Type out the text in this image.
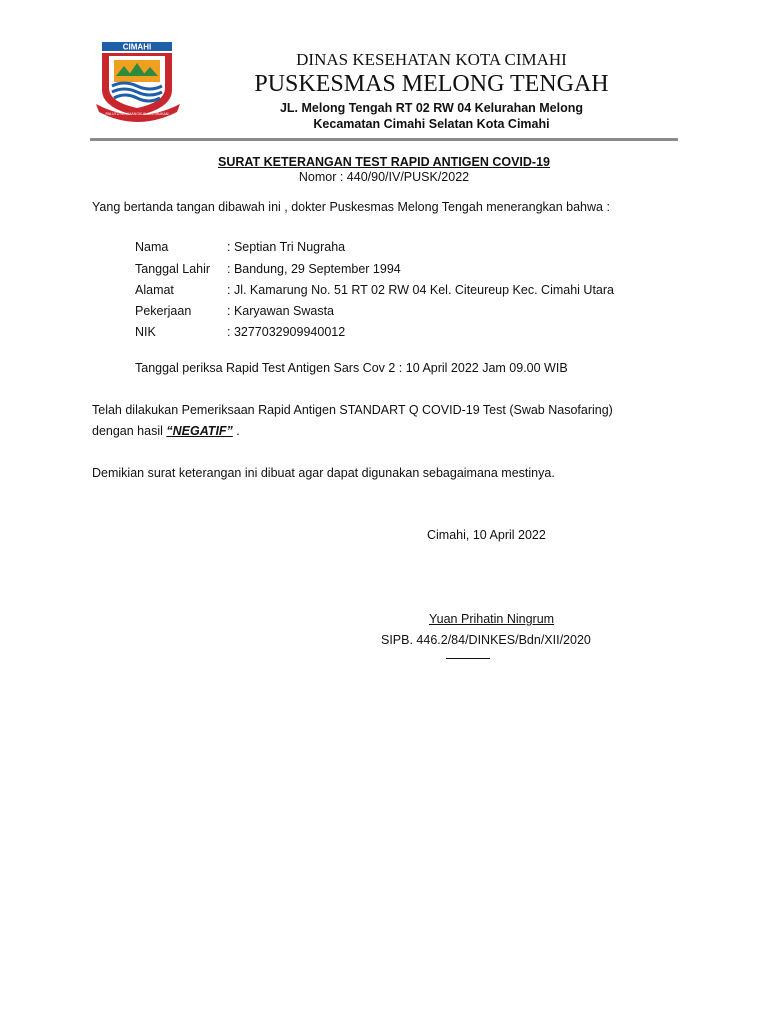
CIMAHI
PALUTU NGAMANGKUK JATI MUKAN
DINAS KESEHATAN KOTA CIMAHI
PUSKESMAS MELONG TENGAH
JL. Melong Tengah RT 02 RW 04 Kelurahan Melong
Kecamatan Cimahi Selatan Kota Cimahi
SURAT KETERANGAN TEST RAPID ANTIGEN COVID-19
Nomor : 440/90/IV/PUSK/2022
Yang bertanda tangan dibawah ini , dokter Puskesmas Melong Tengah menerangkan bahwa :
Nama	: Septian Tri Nugraha
Tanggal Lahir : Bandung, 29 September 1994
Alamat	: Jl. Kamarung No. 51 RT 02 RW 04 Kel. Citeureup Kec. Cimahi Utara
Pekerjaan	: Karyawan Swasta
NIK	: 3277032909940012
Tanggal periksa Rapid Test Antigen Sars Cov 2 : 10 April 2022 Jam 09.00 WIB
Telah dilakukan Pemeriksaan Rapid Antigen STANDART Q COVID-19 Test (Swab Nasofaring)
dengan hasil “NEGATIF” .
Demikian surat keterangan ini dibuat agar dapat digunakan sebagaimana mestinya.
Cimahi, 10 April 2022
Yuan Prihatin Ningrum
SIPB. 446.2/84/DINKES/Bdn/XII/2020
